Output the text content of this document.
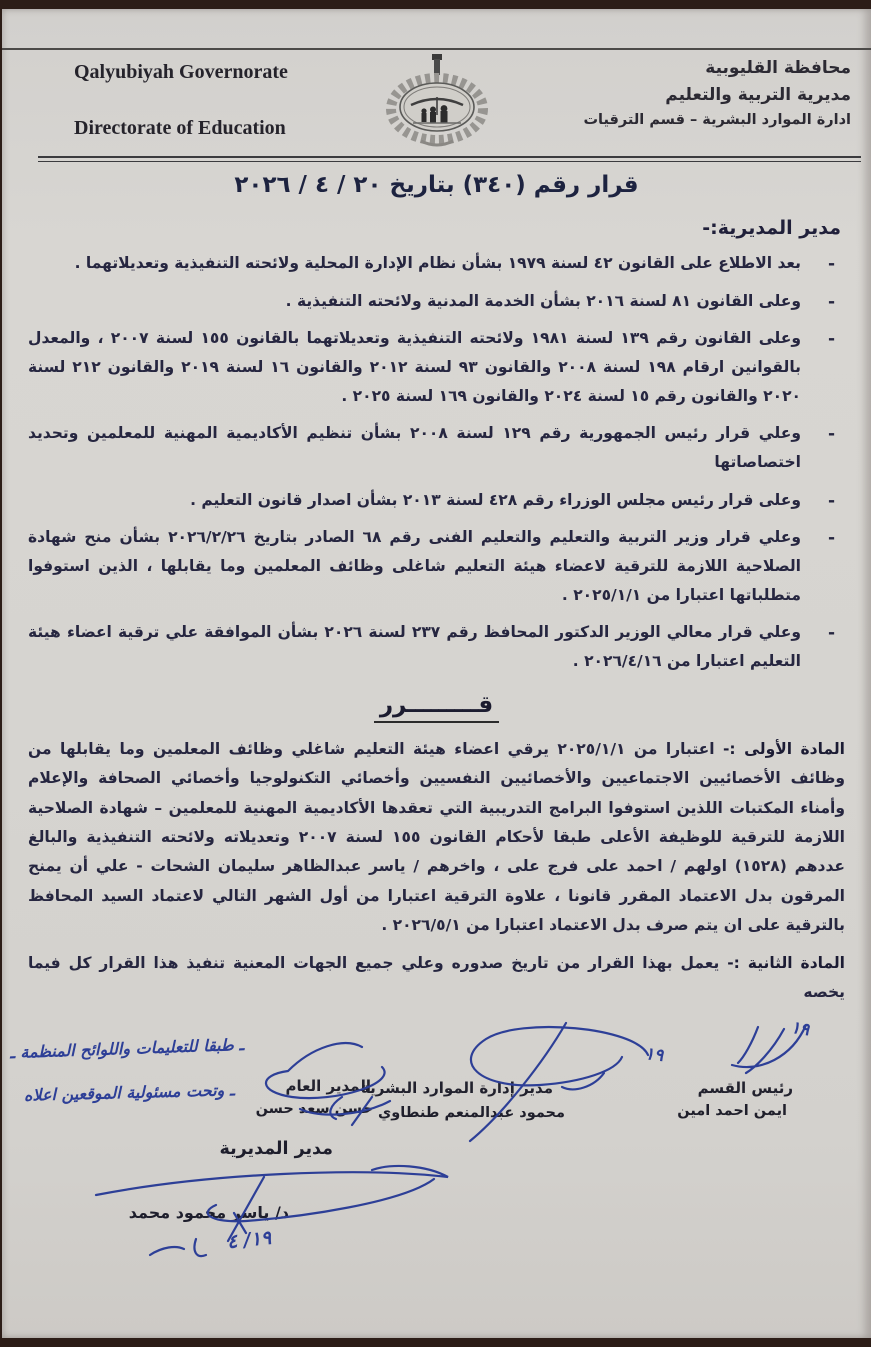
Qalyubiyah Governorate
Directorate of Education
محافظة القليوبية
مديرية التربية والتعليم
ادارة الموارد البشرية – قسم الترقيات
قرار رقم (٣٤٠) بتاريخ ٢٠ / ٤ / ٢٠٢٦
مدير المديرية:-
- بعد الاطلاع على القانون ٤٢ لسنة ١٩٧٩ بشأن نظام الإدارة المحلية ولائحته التنفيذية وتعديلاتهما .
- وعلى القانون ٨١ لسنة ٢٠١٦ بشأن الخدمة المدنية ولائحته التنفيذية .
- وعلى القانون رقم ١٣٩ لسنة ١٩٨١ ولائحته التنفيذية وتعديلاتهما بالقانون ١٥٥ لسنة ٢٠٠٧ ، والمعدل بالقوانين ارقام ١٩٨ لسنة ٢٠٠٨ والقانون ٩٣ لسنة ٢٠١٢ والقانون ١٦ لسنة ٢٠١٩ والقانون ٢١٢ لسنة ٢٠٢٠ والقانون رقم ١٥ لسنة ٢٠٢٤ والقانون ١٦٩ لسنة ٢٠٢٥ .
- وعلي قرار رئيس الجمهورية رقم ١٢٩ لسنة ٢٠٠٨ بشأن تنظيم الأكاديمية المهنية للمعلمين وتحديد اختصاصاتها
- وعلى قرار رئيس مجلس الوزراء رقم ٤٢٨ لسنة ٢٠١٣ بشأن اصدار قانون التعليم .
- وعلي قرار وزير التربية والتعليم والتعليم الفنى رقم ٦٨ الصادر بتاريخ ٢٠٢٦/٢/٢٦ بشأن منح شهادة الصلاحية اللازمة للترقية لاعضاء هيئة التعليم شاغلى وظائف المعلمين وما يقابلها ، الذين استوفوا متطلباتها اعتبارا من ٢٠٢٥/١/١ .
- وعلي قرار معالي الوزير الدكتور المحافظ رقم ٢٣٧ لسنة ٢٠٢٦ بشأن الموافقة علي ترقية اعضاء هيئة التعليم اعتبارا من ٢٠٢٦/٤/١٦ .
قـــــــــرر

المادة الأولى :- اعتبارا من ٢٠٢٥/١/١ يرقي اعضاء هيئة التعليم شاغلي وظائف المعلمين وما يقابلها من وظائف الأخصائيين الاجتماعيين والأخصائيين النفسيين وأخصائي التكنولوجيا وأخصائي الصحافة والإعلام وأمناء المكتبات اللذين استوفوا البرامج التدريبية التي تعقدها الأكاديمية المهنية للمعلمين – شهادة الصلاحية اللازمة للترقية للوظيفة الأعلى طبقا لأحكام القانون ١٥٥ لسنة ٢٠٠٧ وتعديلاته ولائحته التنفيذية والبالغ عددهم (١٥٢٨) اولهم / احمد على فرج على ، واخرهم / ياسر عبدالظاهر سليمان الشحات - علي أن يمنح المرقون بدل الاعتماد المقرر قانونا ، علاوة الترقية اعتبارا من أول الشهر التالي لاعتماد السيد المحافظ بالترقية على ان يتم صرف بدل الاعتماد اعتبارا من ٢٠٢٦/٥/١ .

المادة الثانية :- يعمل بهذا القرار من تاريخ صدوره وعلي جميع الجهات المعنية تنفيذ هذا القرار كل فيما يخصه

رئيس القسم
مدير إدارة الموارد البشرية
المدير العام
ايمن احمد امين
محمود عبدالمنعم طنطاوي
حسن سعد حسن
ـ طبقا للتعليمات واللوائح المنظمة ـ
ـ وتحت مسئولية الموقعين اعلاه
١٩
١٩
مدير المديرية
د/ ياسر محمود محمد
١٩/ ٤
